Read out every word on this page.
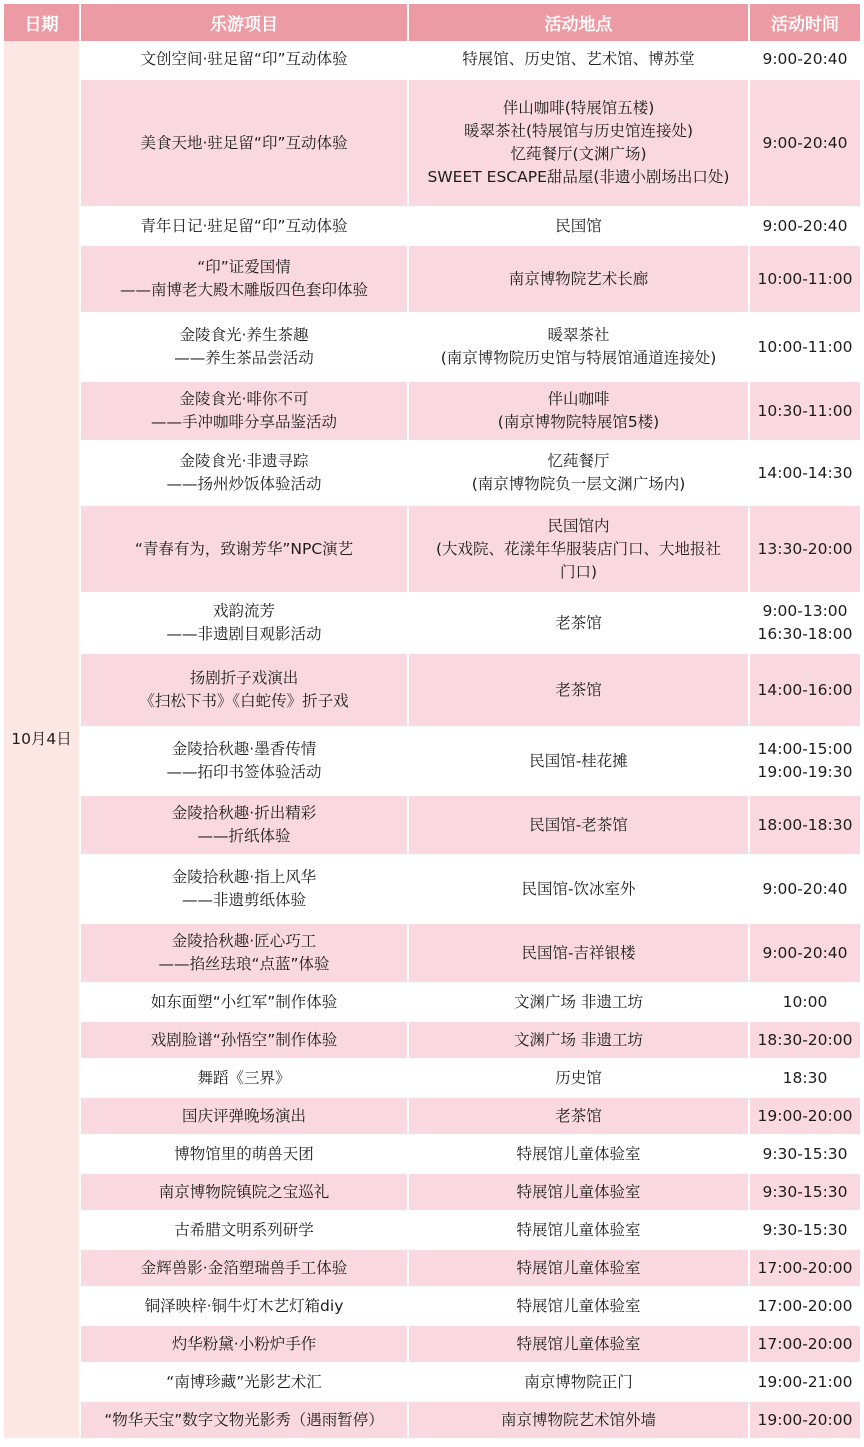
日期	乐游项目	活动地点	活动时间
10月4日	文创空间·驻足留“印”互动体验	特展馆、历史馆、艺术馆、博苏堂	9:00-20:40

	美食天地·驻足留“印”互动体验	伴山咖啡(特展馆五楼)
暖翠茶社(特展馆与历史馆连接处)
忆莼餐厅(文渊广场)
SWEET ESCAPE甜品屋(非遗小剧场出口处)	9:00-20:40

	青年日记·驻足留“印”互动体验	民国馆	9:00-20:40

	“印”证爱国情
——南博老大殿木雕版四色套印体验	南京博物院艺术长廊	10:00-11:00

	金陵食光·养生茶趣
——养生茶品尝活动	暖翠茶社
(南京博物院历史馆与特展馆通道连接处)	10:00-11:00

	金陵食光·啡你不可
——手冲咖啡分享品鉴活动	伴山咖啡
(南京博物院特展馆5楼)	10:30-11:00

	金陵食光·非遗寻踪
——扬州炒饭体验活动	忆莼餐厅
(南京博物院负一层文渊广场内)	14:00-14:30

	“青春有为，致谢芳华”NPC演艺	民国馆内
(大戏院、花漾年华服装店门口、大地报社
门口)	13:30-20:00

	戏韵流芳
——非遗剧目观影活动	老茶馆	9:00-13:00
16:30-18:00

	扬剧折子戏演出
《扫松下书》《白蛇传》折子戏	老茶馆	14:00-16:00

	金陵拾秋趣·墨香传情
——拓印书签体验活动	民国馆-桂花摊	14:00-15:00
19:00-19:30

	金陵拾秋趣·折出精彩
——折纸体验	民国馆-老茶馆	18:00-18:30

	金陵拾秋趣·指上风华
——非遗剪纸体验	民国馆-饮冰室外	9:00-20:40

	金陵拾秋趣·匠心巧工
——掐丝珐琅“点蓝”体验	民国馆-吉祥银楼	9:00-20:40

	如东面塑“小红军”制作体验	文渊广场 非遗工坊	10:00

	戏剧脸谱“孙悟空”制作体验	文渊广场 非遗工坊	18:30-20:00

	舞蹈《三界》	历史馆	18:30

	国庆评弹晚场演出	老茶馆	19:00-20:00

	博物馆里的萌兽天团	特展馆儿童体验室	9:30-15:30

	南京博物院镇院之宝巡礼	特展馆儿童体验室	9:30-15:30

	古希腊文明系列研学	特展馆儿童体验室	9:30-15:30

	金辉兽影·金箔塑瑞兽手工体验	特展馆儿童体验室	17:00-20:00

	铜泽映梓·铜牛灯木艺灯箱diy	特展馆儿童体验室	17:00-20:00

	灼华粉黛·小粉炉手作	特展馆儿童体验室	17:00-20:00

	“南博珍藏”光影艺术汇	南京博物院正门	19:00-21:00

	“物华天宝”数字文物光影秀（遇雨暂停）	南京博物院艺术馆外墙	19:00-20:00
